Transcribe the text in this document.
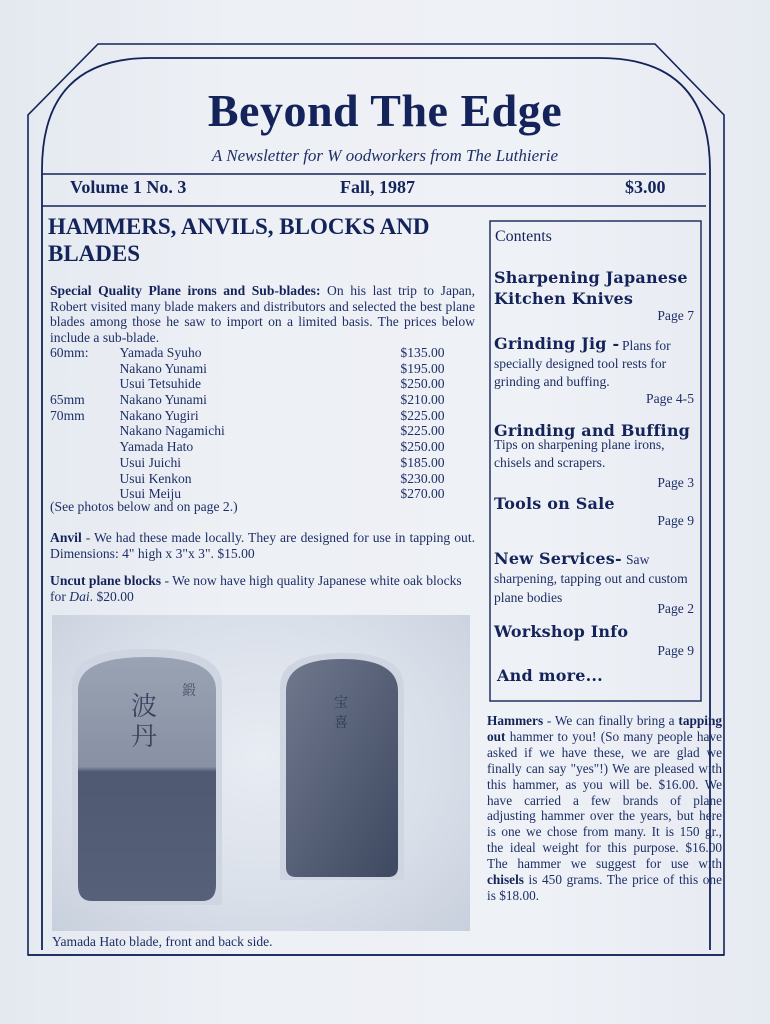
Beyond The Edge
A Newsletter for W oodworkers from The Luthierie
Volume 1 No. 3	Fall, 1987	$3.00
HAMMERS, ANVILS, BLOCKS AND BLADES
Special Quality Plane irons and Sub-blades: On his last trip to Japan, Robert visited many blade makers and distributors and selected the best plane blades among those he saw to import on a limited basis. The prices below include a sub-blade.
60mm:	Yamada Syuho	$135.00
Nakano Yunami	$195.00
Usui Tetsuhide	$250.00
65mm	Nakano Yunami	$210.00
70mm	Nakano Yugiri	$225.00
Nakano Nagamichi	$225.00
Yamada Hato	$250.00
Usui Juichi	$185.00
Usui Kenkon	$230.00
Usui Meiju	$270.00
(See photos below and on page 2.)
Anvil - We had these made locally. They are designed for use in tapping out. Dimensions: 4" high x 3"x 3". $15.00
Uncut plane blocks - We now have high quality Japanese white oak blocks for Dai. $20.00
波
丹
鍛
宝
喜
Yamada Hato blade, front and back side.
Contents
Sharpening Japanese Kitchen Knives
Page 7
Grinding Jig - Plans for specially designed tool rests for grinding and buffing.
Page 4-5
Grinding and Buffing
Tips on sharpening plane irons, chisels and scrapers.
Page 3
Tools on Sale
Page 9
New Services- Saw sharpening, tapping out and custom plane bodies
Page 2
Workshop Info
Page 9
And more...
Hammers - We can finally bring a tapping out hammer to you! (So many people have asked if we have these, we are glad we finally can say "yes"!) We are pleased with this hammer, as you will be. $16.00. We have carried a few brands of plane adjusting hammer over the years, but here is one we chose from many. It is 150 gr., the ideal weight for this purpose. $16.00 The hammer we suggest for use with chisels is 450 grams. The price of this one is $18.00.
